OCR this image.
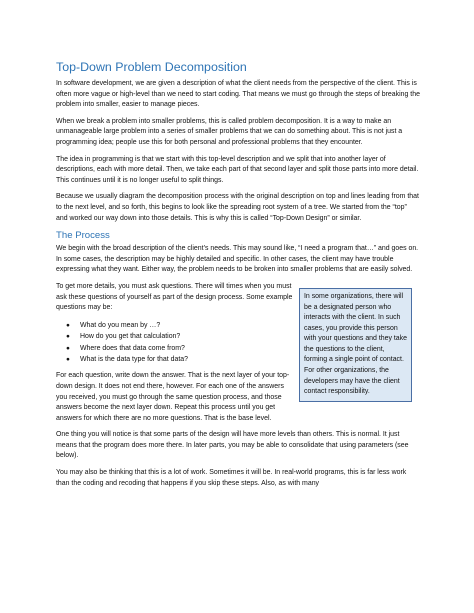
Top-Down Problem Decomposition

In software development, we are given a description of what the client needs from the perspective of the client. This is often more vague or high-level than we need to start coding. That means we must go through the steps of breaking the problem into smaller, easier to manage pieces.

When we break a problem into smaller problems, this is called problem decomposition. It is a way to make an unmanageable large problem into a series of smaller problems that we can do something about. This is not just a programming idea; people use this for both personal and professional problems that they encounter.

The idea in programming is that we start with this top-level description and we split that into another layer of descriptions, each with more detail. Then, we take each part of that second layer and split those parts into more detail. This continues until it is no longer useful to split things.

Because we usually diagram the decomposition process with the original description on top and lines leading from that to the next level, and so forth, this begins to look like the spreading root system of a tree. We started from the “top” and worked our way down into those details. This is why this is called “Top-Down Design” or similar.

The Process

We begin with the broad description of the client’s needs. This may sound like, “I need a program that…” and goes on. In some cases, the description may be highly detailed and specific. In other cases, the client may have trouble expressing what they want. Either way, the problem needs to be broken into smaller problems that are easily solved.

To get more details, you must ask questions. There will times when you must ask these questions of yourself as part of the design process. Some example questions may be:

● What do you mean by …?
● How do you get that calculation?
● Where does that data come from?
● What is the data type for that data?

For each question, write down the answer. That is the next layer of your top-down design. It does not end there, however. For each one of the answers you received, you must go through the same question process, and those answers become the next layer down. Repeat this process until you get answers for which there are no more questions. That is the base level.

In some organizations, there will be a designated person who interacts with the client. In such cases, you provide this person with your questions and they take the questions to the client, forming a single point of contact. For other organizations, the developers may have the client contact responsibility.

One thing you will notice is that some parts of the design will have more levels than others. This is normal. It just means that the program does more there. In later parts, you may be able to consolidate that using parameters (see below).

You may also be thinking that this is a lot of work. Sometimes it will be. In real-world programs, this is far less work than the coding and recoding that happens if you skip these steps. Also, as with many
